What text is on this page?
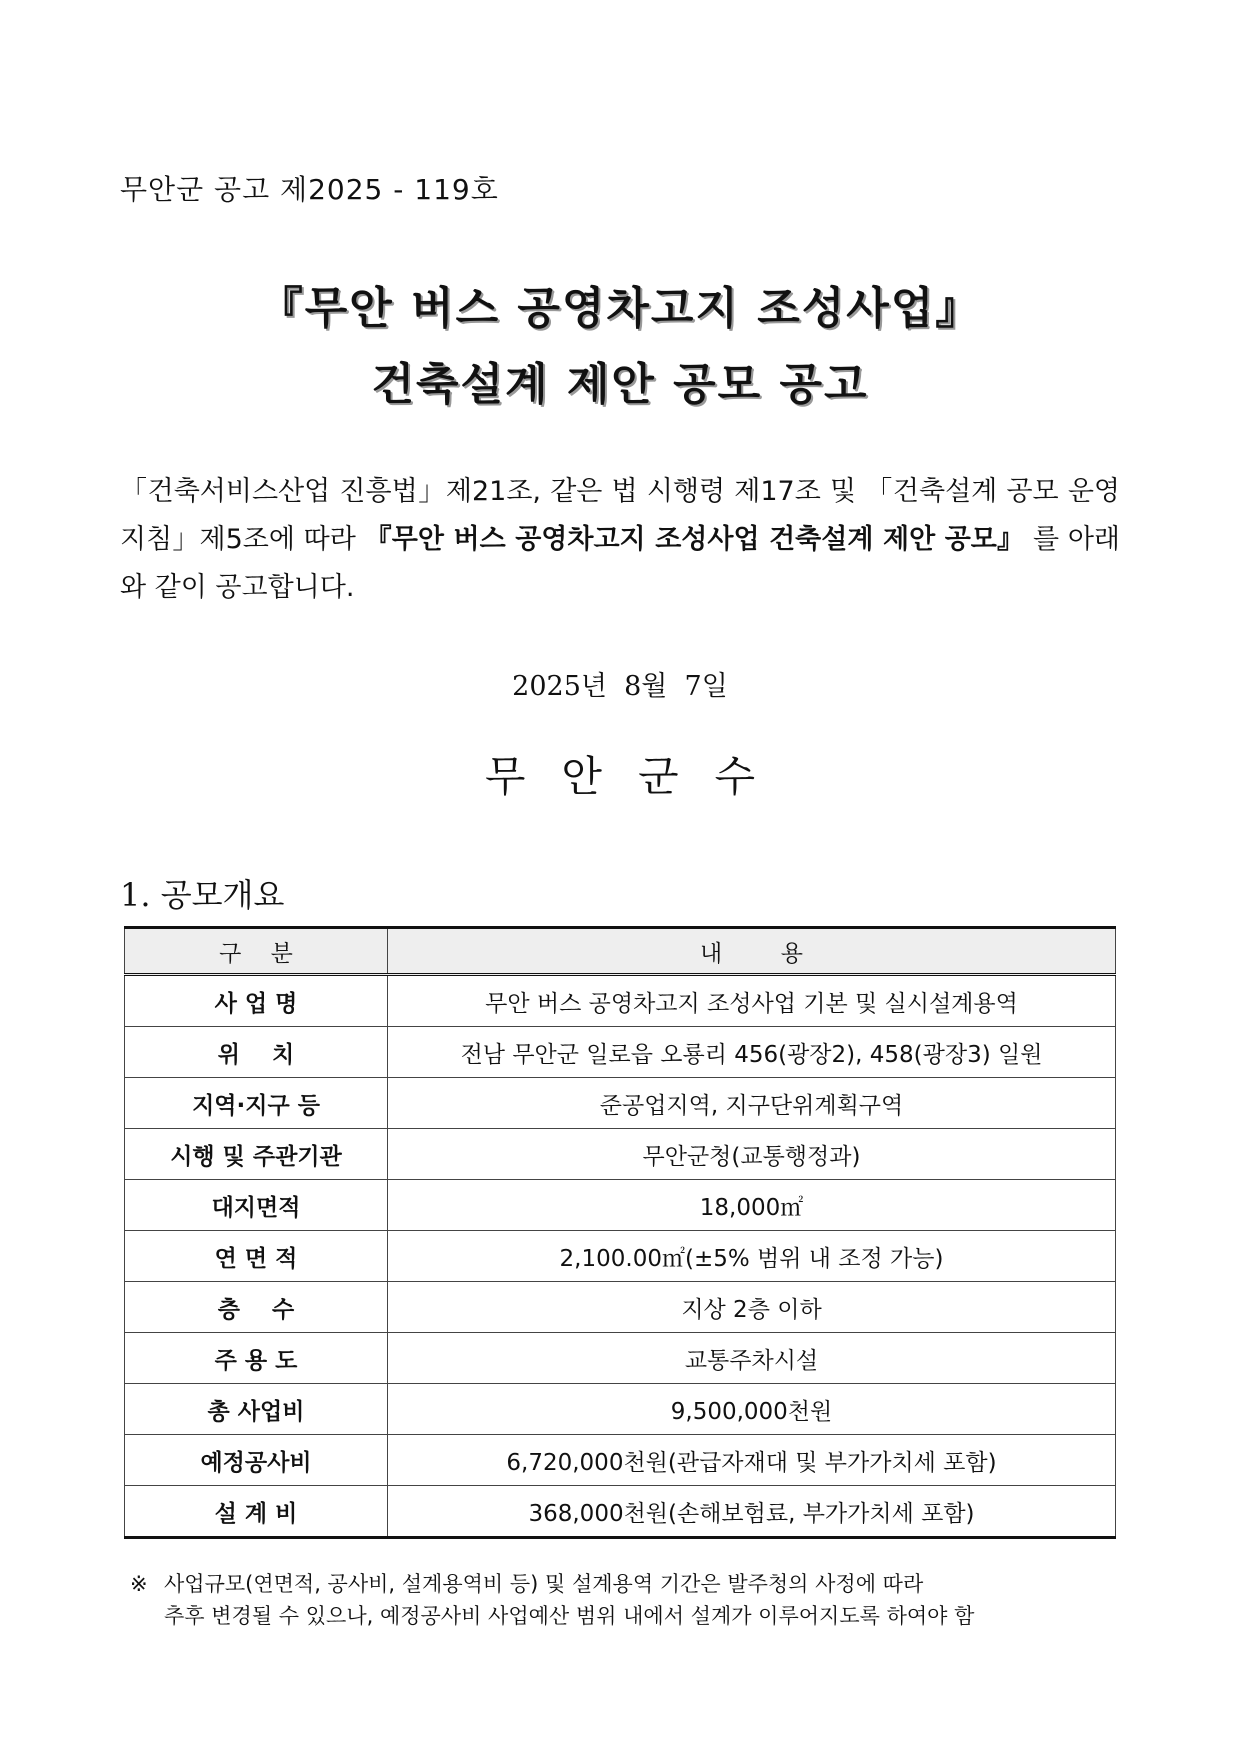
무안군 공고 제2025 - 119호
『무안 버스 공영차고지 조성사업』
건축설계 제안 공모 공고
「건축서비스산업 진흥법」제21조, 같은 법 시행령 제17조 및 「건축설계 공모 운영지침」제5조에 따라 『무안 버스 공영차고지 조성사업 건축설계 제안 공모』 를 아래와 같이 공고합니다.
2025년  8월  7일
무안군수
1. 공모개요
구    분	내        용
사 업 명	무안 버스 공영차고지 조성사업 기본 및 실시설계용역
위    치	전남 무안군 일로읍 오룡리 456(광장2), 458(광장3) 일원
지역·지구 등	준공업지역, 지구단위계획구역
시행 및 주관기관	무안군청(교통행정과)
대지면적	18,000㎡
연 면 적	2,100.00㎡(±5% 범위 내 조정 가능)
층    수	지상 2층 이하
주 용 도	교통주차시설
총 사업비	9,500,000천원
예정공사비	6,720,000천원(관급자재대 및 부가가치세 포함)
설 계 비	368,000천원(손해보험료, 부가가치세 포함)
※ 사업규모(연면적, 공사비, 설계용역비 등) 및 설계용역 기간은 발주청의 사정에 따라
추후 변경될 수 있으나, 예정공사비 사업예산 범위 내에서 설계가 이루어지도록 하여야 함
